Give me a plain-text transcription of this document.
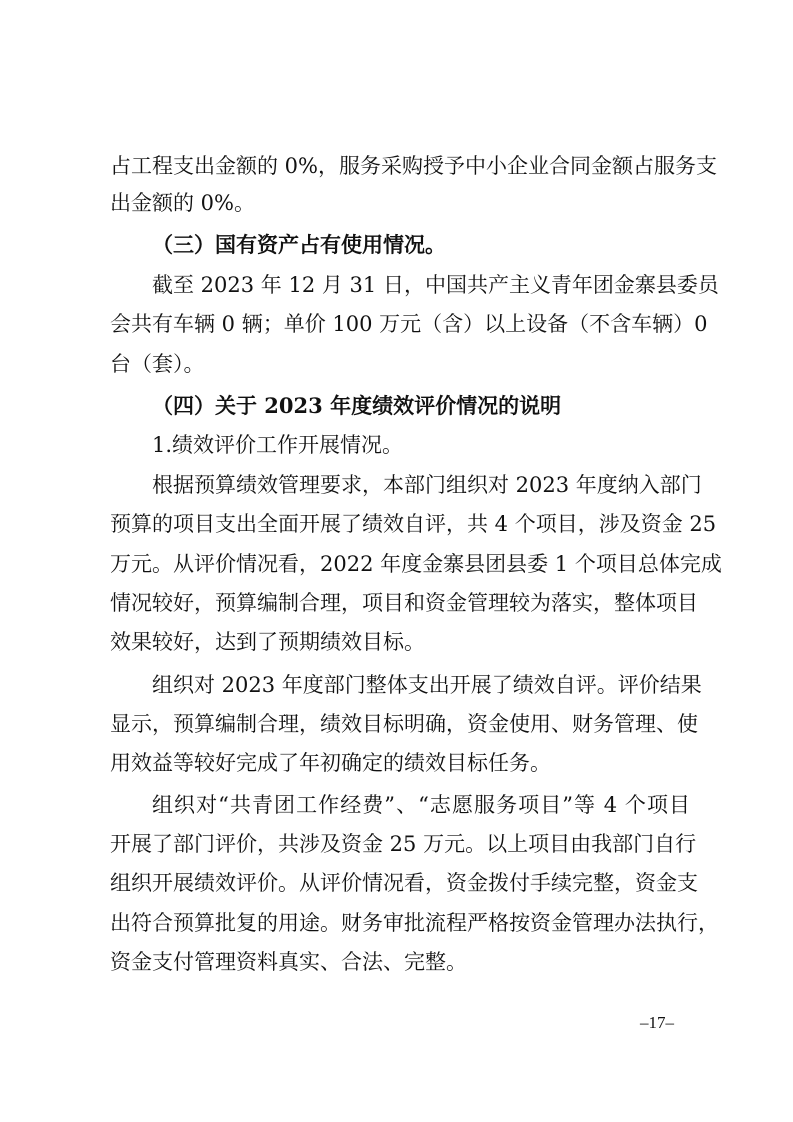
占工程支出金额的 0%，服务采购授予中小企业合同金额占服务支
出金额的 0%。
（三）国有资产占有使用情况。
截至 2023 年 12 月 31 日，中国共产主义青年团金寨县委员
会共有车辆 0 辆；单价 100 万元（含）以上设备（不含车辆）0
台（套）。
（四）关于 2023 年度绩效评价情况的说明
1.绩效评价工作开展情况。
根据预算绩效管理要求，本部门组织对 2023 年度纳入部门
预算的项目支出全面开展了绩效自评，共 4 个项目，涉及资金 25
万元。从评价情况看，2022 年度金寨县团县委 1 个项目总体完成
情况较好，预算编制合理，项目和资金管理较为落实，整体项目
效果较好，达到了预期绩效目标。
组织对 2023 年度部门整体支出开展了绩效自评。评价结果
显示，预算编制合理，绩效目标明确，资金使用、财务管理、使
用效益等较好完成了年初确定的绩效目标任务。
组织对“共青团工作经费”、“志愿服务项目”等 4 个项目
开展了部门评价，共涉及资金 25 万元。以上项目由我部门自行
组织开展绩效评价。从评价情况看，资金拨付手续完整，资金支
出符合预算批复的用途。财务审批流程严格按资金管理办法执行，
资金支付管理资料真实、合法、完整。
–17–
